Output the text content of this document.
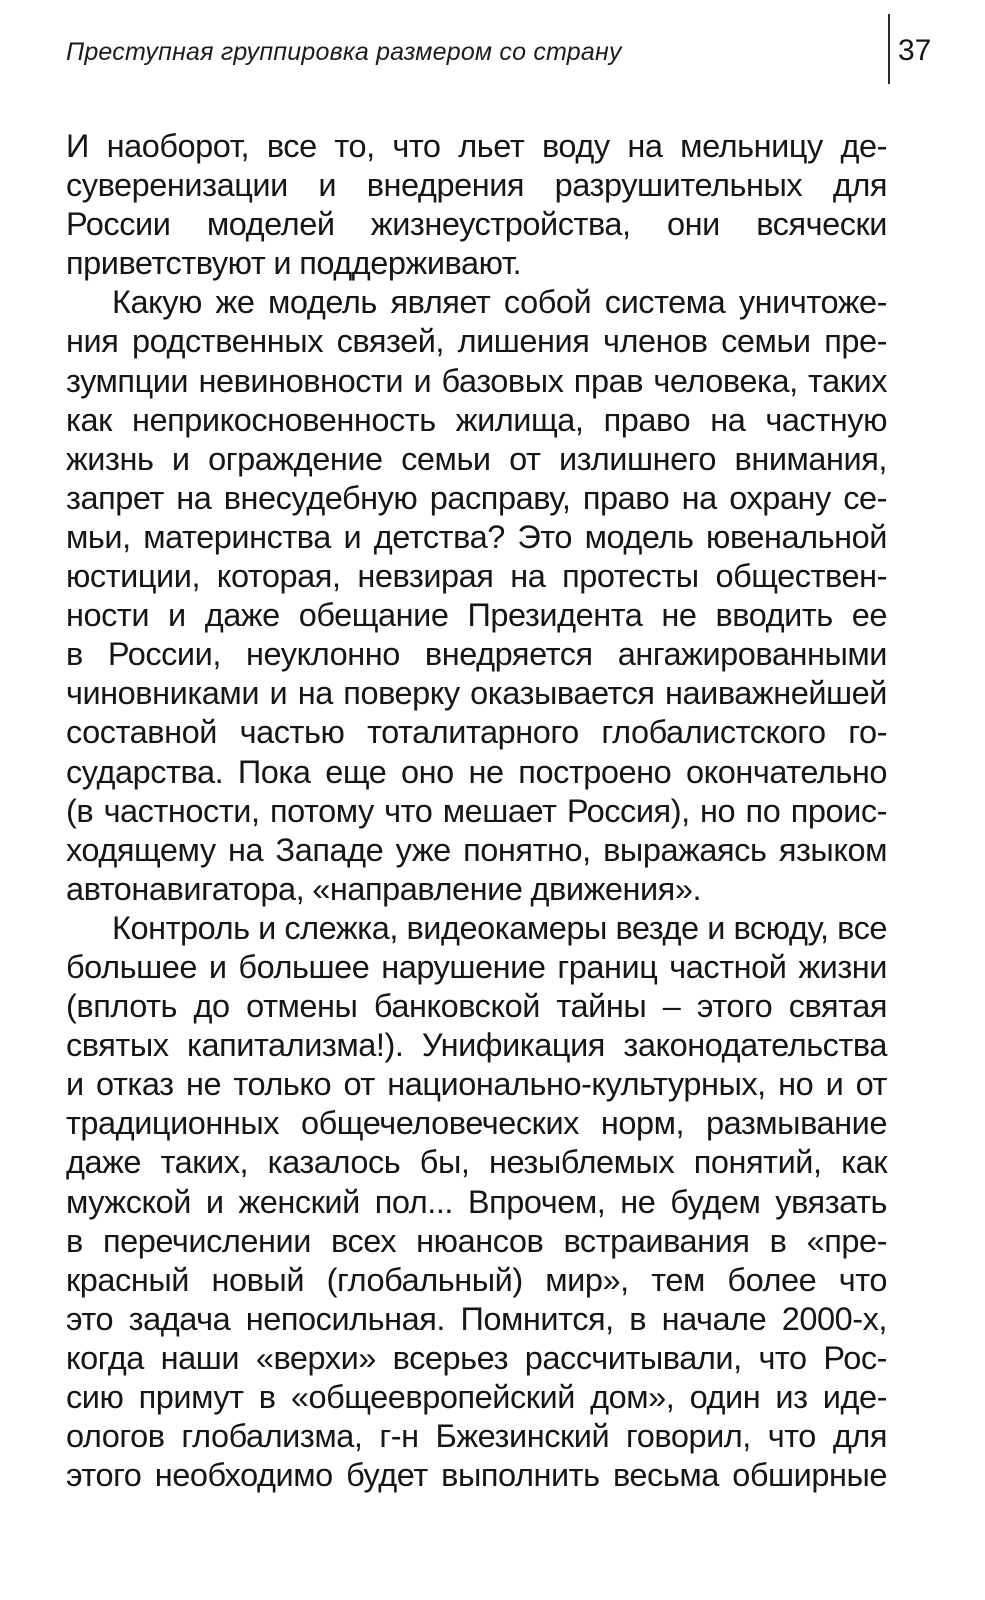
Преступная группировка размером со страну	37
И наоборот, все то, что льет воду на мельницу де-
суверенизации и внедрения разрушительных для
России моделей жизнеустройства, они всячески
приветствуют и поддерживают.
Какую же модель являет собой система уничтоже-
ния родственных связей, лишения членов семьи пре-
зумпции невиновности и базовых прав человека, таких
как неприкосновенность жилища, право на частную
жизнь и ограждение семьи от излишнего внимания,
запрет на внесудебную расправу, право на охрану се-
мьи, материнства и детства? Это модель ювенальной
юстиции, которая, невзирая на протесты обществен-
ности и даже обещание Президента не вводить ее
в России, неуклонно внедряется ангажированными
чиновниками и на поверку оказывается наиважнейшей
составной частью тоталитарного глобалистского го-
сударства. Пока еще оно не построено окончательно
(в частности, потому что мешает Россия), но по проис-
ходящему на Западе уже понятно, выражаясь языком
автонавигатора, «направление движения».
Контроль и слежка, видеокамеры везде и всюду, все
большее и большее нарушение границ частной жизни
(вплоть до отмены банковской тайны – этого святая
святых капитализма!). Унификация законодательства
и отказ не только от национально-культурных, но и от
традиционных общечеловеческих норм, размывание
даже таких, казалось бы, незыблемых понятий, как
мужской и женский пол... Впрочем, не будем увязать
в перечислении всех нюансов встраивания в «пре-
красный новый (глобальный) мир», тем более что
это задача непосильная. Помнится, в начале 2000-х,
когда наши «верхи» всерьез рассчитывали, что Рос-
сию примут в «общеевропейский дом», один из иде-
ологов глобализма, г-н Бжезинский говорил, что для
этого необходимо будет выполнить весьма обширные
